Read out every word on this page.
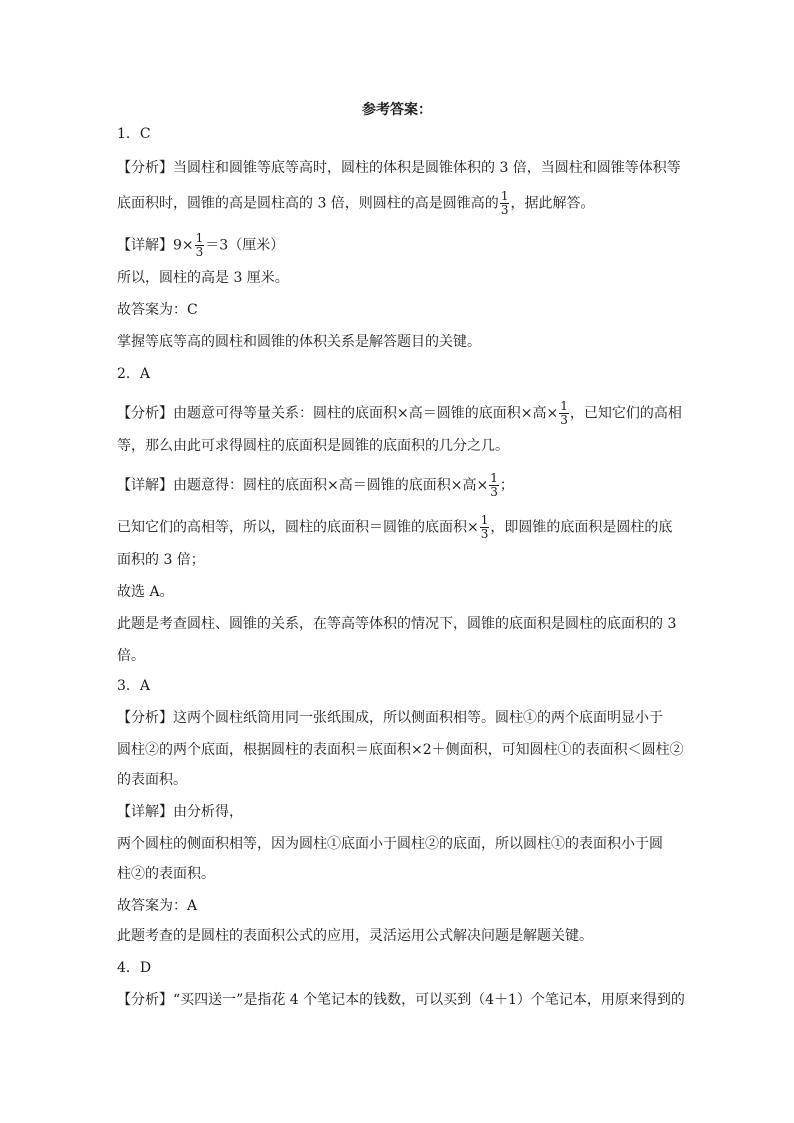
参考答案：
1．C
【分析】当圆柱和圆锥等底等高时，圆柱的体积是圆锥体积的 3 倍，当圆柱和圆锥等体积等
底面积时，圆锥的高是圆柱高的 3 倍，则圆柱的高是圆锥高的 $\frac{1}{3}$ ，据此解答。
【详解】$9\times \frac{1}{3} =3$（厘米）
所以，圆柱的高是 3 厘米。
故答案为：C
掌握等底等高的圆柱和圆锥的体积关系是解答题目的关键。
2．A
【分析】由题意可得等量关系：圆柱的底面积×高＝圆锥的底面积×高× $\frac{1}{3}$ ，已知它们的高相
等，那么由此可求得圆柱的底面积是圆锥的底面积的几分之几。
【详解】由题意得：圆柱的底面积×高＝圆锥的底面积×高× $\frac{1}{3}$ ；
已知它们的高相等，所以，圆柱的底面积＝圆锥的底面积× $\frac{1}{3}$ ，即圆锥的底面积是圆柱的底
面积的 3 倍；
故选 A。
此题是考查圆柱、圆锥的关系，在等高等体积的情况下，圆锥的底面积是圆柱的底面积的 3
倍。
3．A
【分析】这两个圆柱纸筒用同一张纸围成，所以侧面积相等。圆柱①的两个底面明显小于
圆柱②的两个底面，根据圆柱的表面积＝底面积×2＋侧面积，可知圆柱①的表面积＜圆柱②
的表面积。
【详解】由分析得，
两个圆柱的侧面积相等，因为圆柱①底面小于圆柱②的底面，所以圆柱①的表面积小于圆
柱②的表面积。
故答案为：A
此题考查的是圆柱的表面积公式的应用，灵活运用公式解决问题是解题关键。
4．D
【分析】“买四送一”是指花 4 个笔记本的钱数，可以买到（4＋1）个笔记本，用原来得到的
